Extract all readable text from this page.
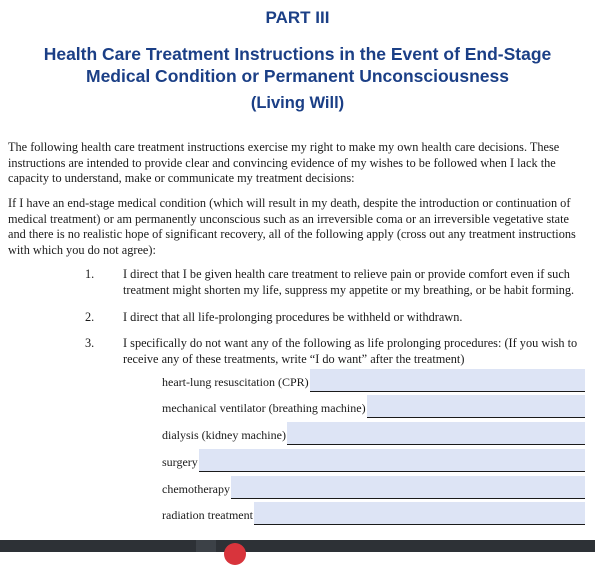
PART III
Health Care Treatment Instructions in the Event of End-Stage
Medical Condition or Permanent Unconsciousness
(Living Will)
The following health care treatment instructions exercise my right to make my own health care decisions. These instructions are intended to provide clear and convincing evidence of my wishes to be followed when I lack the capacity to understand, make or communicate my treatment decisions:
If I have an end-stage medical condition (which will result in my death, despite the introduction or continuation of medical treatment) or am permanently unconscious such as an irreversible coma or an irreversible vegetative state and there is no realistic hope of significant recovery, all of the following apply (cross out any treatment instructions with which you do not agree):
1.	I direct that I be given health care treatment to relieve pain or provide comfort even if such treatment might shorten my life, suppress my appetite or my breathing, or be habit forming.
2.	I direct that all life-prolonging procedures be withheld or withdrawn.
3.	I specifically do not want any of the following as life prolonging procedures: (If you wish to receive any of these treatments, write “I do want” after the treatment)
heart-lung resuscitation (CPR)
mechanical ventilator (breathing machine)
dialysis (kidney machine)
surgery
chemotherapy
radiation treatment
